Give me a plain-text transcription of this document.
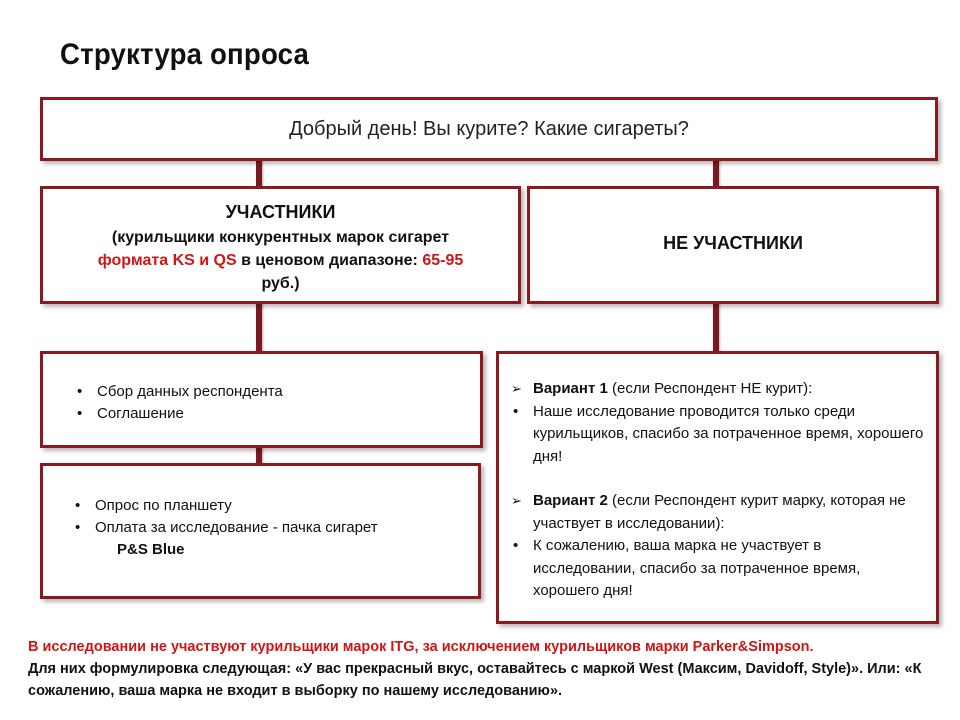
Структура опроса
Добрый день! Вы курите? Какие сигареты?
УЧАСТНИКИ
(курильщики конкурентных марок сигарет
формата KS и QS в ценовом диапазоне: 65-95
руб.)
НЕ УЧАСТНИКИ
• Сбор данных респондента
• Соглашение
• Опрос по планшету
• Оплата за исследование - пачка сигарет
P&S Blue
➢ Вариант 1 (если Респондент НЕ курит):
• Наше исследование проводится только среди курильщиков, спасибо за потраченное время, хорошего дня!
➢ Вариант 2 (если Респондент курит марку, которая не участвует в исследовании):
• К сожалению, ваша марка не участвует в исследовании, спасибо за потраченное время, хорошего дня!
В исследовании не участвуют курильщики марок ITG, за исключением курильщиков марки Parker&Simpson.
Для них формулировка следующая: «У вас прекрасный вкус, оставайтесь с маркой West (Максим, Davidoff, Style)». Или: «К сожалению, ваша марка не входит в выборку по нашему исследованию».
